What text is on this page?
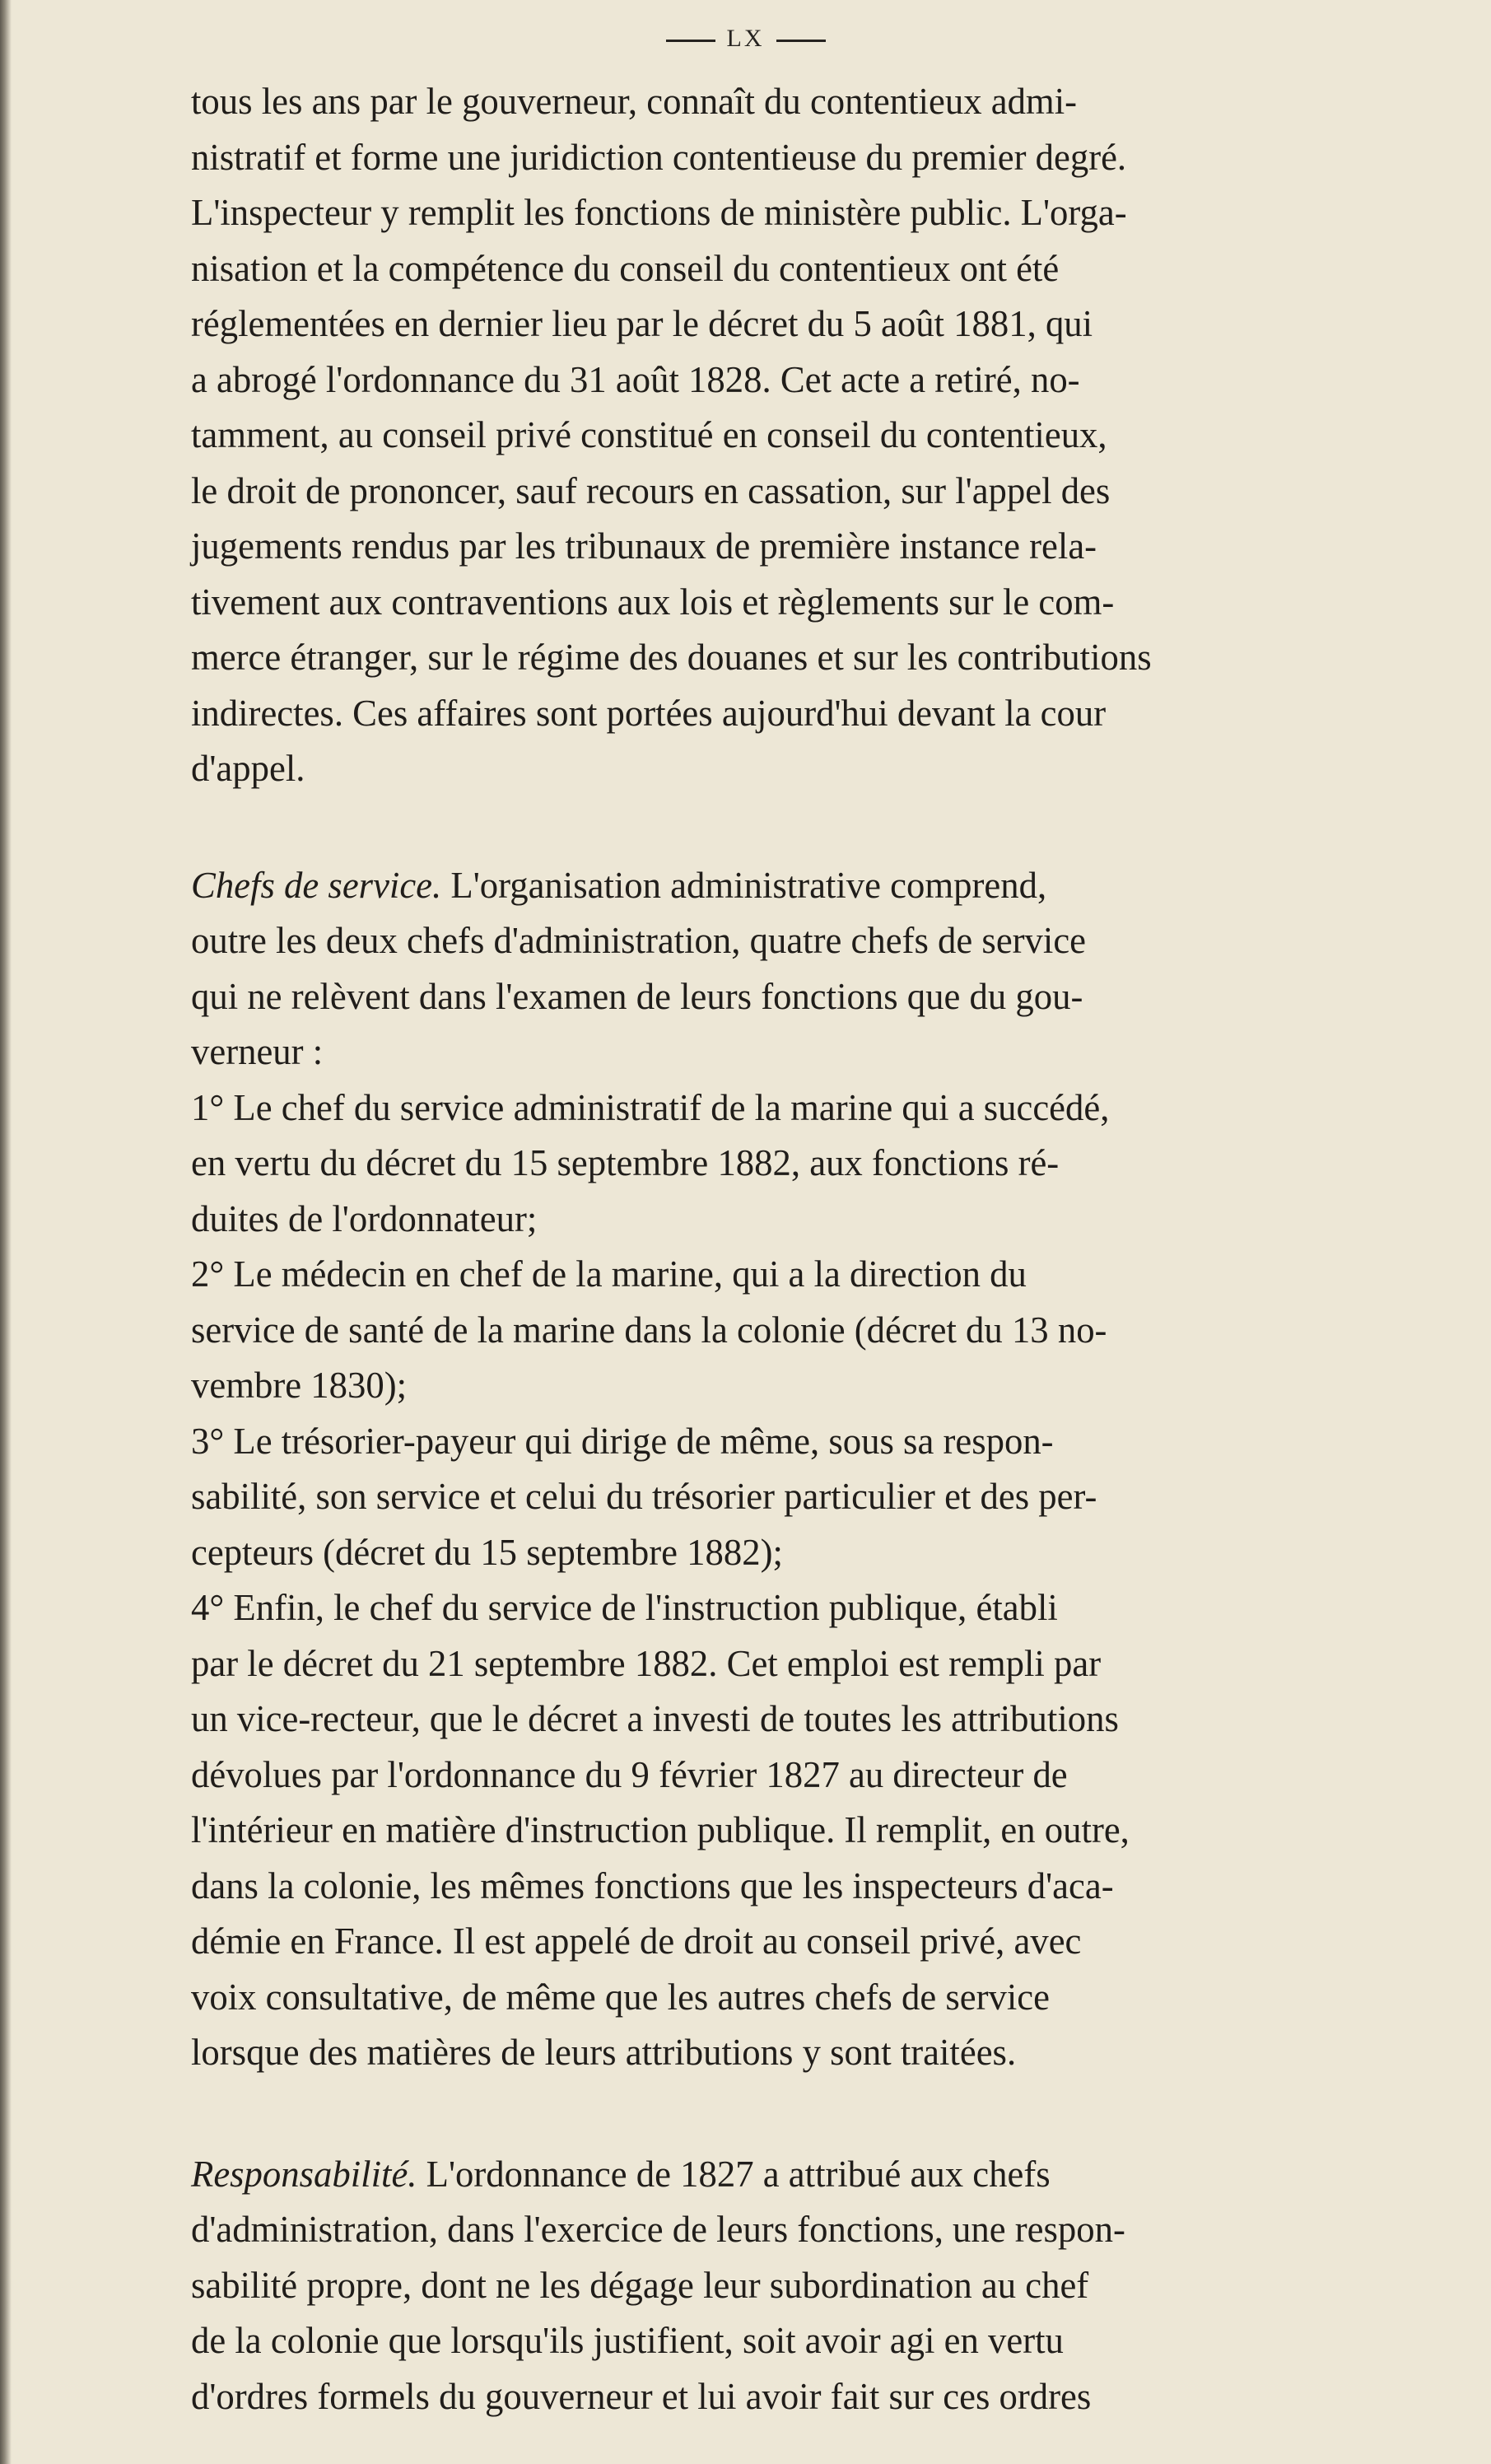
LX
tous les ans par le gouverneur, connaît du contentieux admi-
nistratif et forme une juridiction contentieuse du premier degré.
L'inspecteur y remplit les fonctions de ministère public. L'orga-
nisation et la compétence du conseil du contentieux ont été
réglementées en dernier lieu par le décret du 5 août 1881, qui
a abrogé l'ordonnance du 31 août 1828. Cet acte a retiré, no-
tamment, au conseil privé constitué en conseil du contentieux,
le droit de prononcer, sauf recours en cassation, sur l'appel des
jugements rendus par les tribunaux de première instance rela-
tivement aux contraventions aux lois et règlements sur le com-
merce étranger, sur le régime des douanes et sur les contributions
indirectes. Ces affaires sont portées aujourd'hui devant la cour
d'appel.
Chefs de service. L'organisation administrative comprend,
outre les deux chefs d'administration, quatre chefs de service
qui ne relèvent dans l'examen de leurs fonctions que du gou-
verneur :
1° Le chef du service administratif de la marine qui a succédé,
en vertu du décret du 15 septembre 1882, aux fonctions ré-
duites de l'ordonnateur;
2° Le médecin en chef de la marine, qui a la direction du
service de santé de la marine dans la colonie (décret du 13 no-
vembre 1830);
3° Le trésorier-payeur qui dirige de même, sous sa respon-
sabilité, son service et celui du trésorier particulier et des per-
cepteurs (décret du 15 septembre 1882);
4° Enfin, le chef du service de l'instruction publique, établi
par le décret du 21 septembre 1882. Cet emploi est rempli par
un vice-recteur, que le décret a investi de toutes les attributions
dévolues par l'ordonnance du 9 février 1827 au directeur de
l'intérieur en matière d'instruction publique. Il remplit, en outre,
dans la colonie, les mêmes fonctions que les inspecteurs d'aca-
démie en France. Il est appelé de droit au conseil privé, avec
voix consultative, de même que les autres chefs de service
lorsque des matières de leurs attributions y sont traitées.
Responsabilité. L'ordonnance de 1827 a attribué aux chefs
d'administration, dans l'exercice de leurs fonctions, une respon-
sabilité propre, dont ne les dégage leur subordination au chef
de la colonie que lorsqu'ils justifient, soit avoir agi en vertu
d'ordres formels du gouverneur et lui avoir fait sur ces ordres
